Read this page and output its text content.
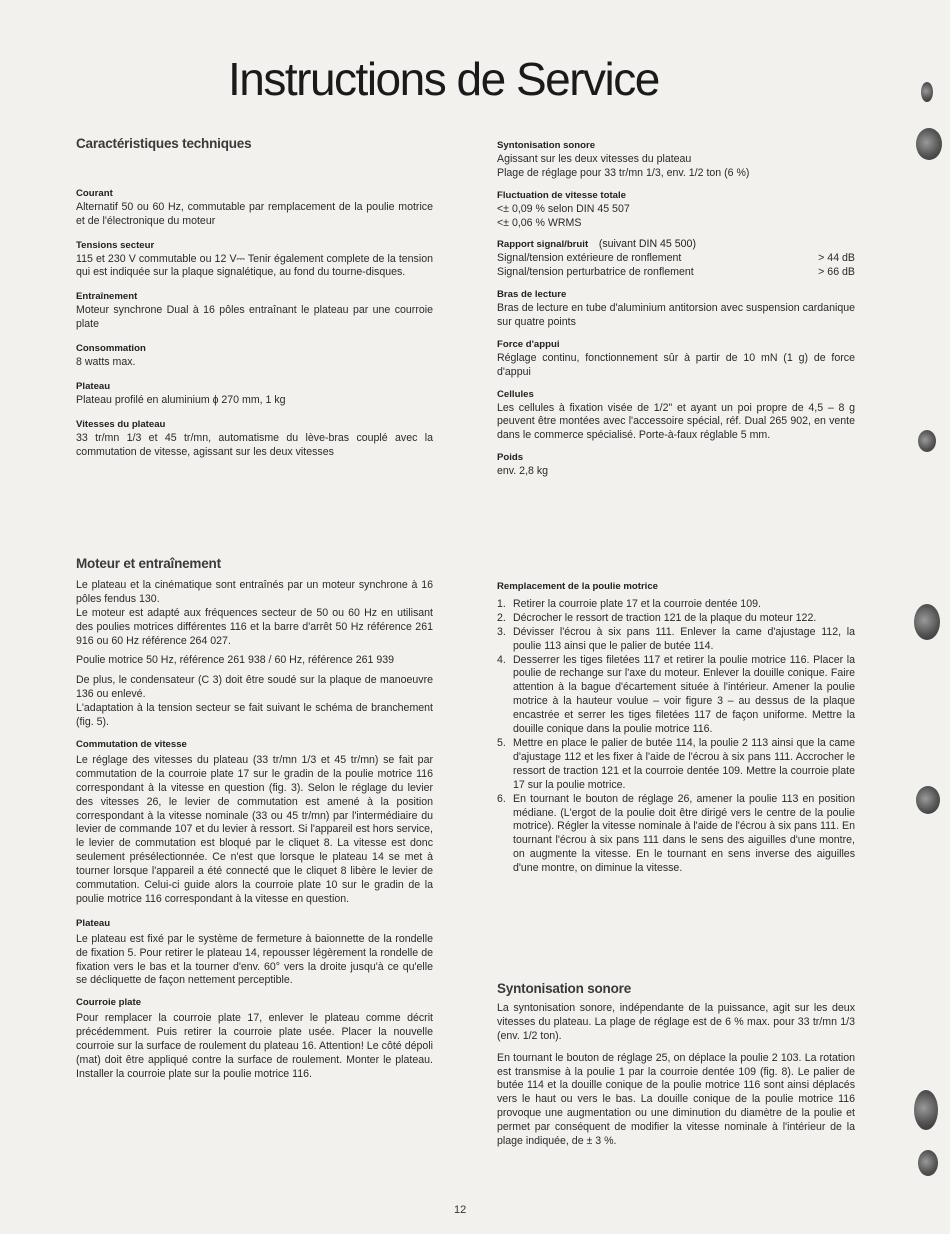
Instructions de Service
Caractéristiques techniques

Courant

Alternatif 50 ou 60 Hz, commutable par remplacement de la poulie motrice et de l'électronique du moteur

Tensions secteur

115 et 230 V commutable ou 12 V⎓ Tenir également complete de la tension qui est indiquée sur la plaque signalétique, au fond du tourne-disques.

Entraînement

Moteur synchrone Dual à 16 pôles entraînant le plateau par une courroie plate

Consommation

8 watts max.

Plateau

Plateau profilé en aluminium ɸ 270 mm, 1 kg

Vitesses du plateau

33 tr/mn 1/3 et 45 tr/mn, automatisme du lève-bras couplé avec la commutation de vitesse, agissant sur les deux vitesses

Syntonisation sonore

Agissant sur les deux vitesses du plateau

Plage de réglage pour 33 tr/mn 1/3, env. 1/2 ton (6 %)

Fluctuation de vitesse totale

<± 0,09 % selon DIN 45 507

<± 0,06 % WRMS

Rapport signal/bruit (suivant DIN 45 500)

Signal/tension extérieure de ronflement	> 44 dB
Signal/tension perturbatrice de ronflement	> 66 dB

Bras de lecture

Bras de lecture en tube d'aluminium antitorsion avec suspension cardanique sur quatre points

Force d'appui

Réglage continu, fonctionnement sûr à partir de 10 mN (1 g) de force d'appui

Cellules

Les cellules à fixation visée de 1/2" et ayant un poi propre de 4,5 – 8 g peuvent être montées avec l'accessoire spécial, réf. Dual 265 902, en vente dans le commerce spécialisé. Porte-à-faux réglable 5 mm.

Poids

env. 2,8 kg

Moteur et entraînement
Le plateau et la cinématique sont entraînés par un moteur synchrone à 16 pôles fendus 130.

Le moteur est adapté aux fréquences secteur de 50 ou 60 Hz en utilisant des poulies motrices différentes 116 et la barre d'arrêt 50 Hz référence 261 916 ou 60 Hz référence 264 027.

Poulie motrice 50 Hz, référence 261 938 / 60 Hz, référence 261 939

De plus, le condensateur (C 3) doit être soudé sur la plaque de manoeuvre 136 ou enlevé.

L'adaptation à la tension secteur se fait suivant le schéma de branchement (fig. 5).

Commutation de vitesse

Le réglage des vitesses du plateau (33 tr/mn 1/3 et 45 tr/mn) se fait par commutation de la courroie plate 17 sur le gradin de la poulie motrice 116 correspondant à la vitesse en question (fig. 3). Selon le réglage du levier des vitesses 26, le levier de commutation est amené à la position correspondant à la vitesse nominale (33 ou 45 tr/mn) par l'intermédiaire du levier de commande 107 et du levier à ressort. Si l'appareil est hors service, le levier de commutation est bloqué par le cliquet 8. La vitesse est donc seulement présélectionnée. Ce n'est que lorsque le plateau 14 se met à tourner lorsque l'appareil a été connecté que le cliquet 8 libère le levier de commutation. Celui-ci guide alors la courroie plate 10 sur le gradin de la poulie motrice 116 correspondant à la vitesse en question.

Plateau

Le plateau est fixé par le système de fermeture à baionnette de la rondelle de fixation 5. Pour retirer le plateau 14, repousser légèrement la rondelle de fixation vers le bas et la tourner d'env. 60° vers la droite jusqu'à ce qu'elle se décliquette de façon nettement perceptible.

Courroie plate

Pour remplacer la courroie plate 17, enlever le plateau comme décrit précédemment. Puis retirer la courroie plate usée. Placer la nouvelle courroie sur la surface de roulement du plateau 16. Attention! Le côté dépoli (mat) doit être appliqué contre la surface de roulement. Monter le plateau. Installer la courroie plate sur la poulie motrice 116.

Remplacement de la poulie motrice

Retirer la courroie plate 17 et la courroie dentée 109.
Décrocher le ressort de traction 121 de la plaque du moteur 122.
Dévisser l'écrou à six pans 111. Enlever la came d'ajustage 112, la poulie 113 ainsi que le palier de butée 114.
Desserrer les tiges filetées 117 et retirer la poulie motrice 116. Placer la poulie de rechange sur l'axe du moteur. Enlever la douille conique. Faire attention à la bague d'écartement située à l'intérieur. Amener la poulie motrice à la hauteur voulue – voir figure 3 – au dessus de la plaque encastrée et serrer les tiges filetées 117 de façon uniforme. Mettre la douille conique dans la poulie motrice 116.
Mettre en place le palier de butée 114, la poulie 2 113 ainsi que la came d'ajustage 112 et les fixer à l'aide de l'écrou à six pans 111. Accrocher le ressort de traction 121 et la courroie dentée 109. Mettre la courroie plate 17 sur la poulie motrice.
En tournant le bouton de réglage 26, amener la poulie 113 en position médiane. (L'ergot de la poulie doit être dirigé vers le centre de la poulie motrice). Régler la vitesse nominale à l'aide de l'écrou à six pans 111. En tournant l'écrou à six pans 111 dans le sens des aiguilles d'une montre, on augmente la vitesse. En le tournant en sens inverse des aiguilles d'une montre, on diminue la vitesse.
Syntonisation sonore

La syntonisation sonore, indépendante de la puissance, agit sur les deux vitesses du plateau. La plage de réglage est de 6 % max. pour 33 tr/mn 1/3 (env. 1/2 ton).

En tournant le bouton de réglage 25, on déplace la poulie 2 103. La rotation est transmise à la poulie 1 par la courroie dentée 109 (fig. 8). Le palier de butée 114 et la douille conique de la poulie motrice 116 sont ainsi déplacés vers le haut ou vers le bas. La douille conique de la poulie motrice 116 provoque une augmentation ou une diminution du diamètre de la poulie et permet par conséquent de modifier la vitesse nominale à l'intérieur de la plage indiquée, de ± 3 %.

12
